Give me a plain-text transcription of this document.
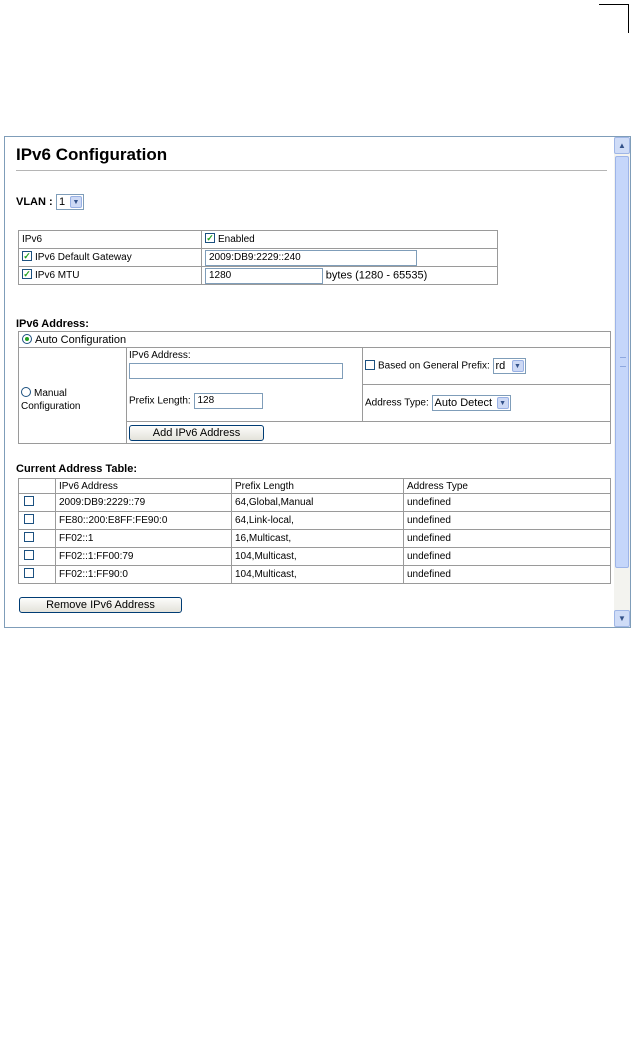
IPv6 Configuration
VLAN : 1	▼
IPv6	✓ Enabled
✓ IPv6 Default Gateway	2009:DB9:2229::240
✓ IPv6 MTU	1280 bytes (1280 - 65535)
IPv6 Address:
Auto Configuration

Manual
Configuration

IPv6 Address:
Prefix Length: 128
	Based on General Prefix: rd	▼

Address Type: Auto Detect	▼

Add IPv6 Address
Current Address Table:
	IPv6 Address	Prefix Length	Address Type
	2009:DB9:2229::79	64,Global,Manual	undefined
	FE80::200:E8FF:FE90:0	64,Link-local,	undefined
	FF02::1	16,Multicast,	undefined
	FF02::1:FF00:79	104,Multicast,	undefined
	FF02::1:FF90:0	104,Multicast,	undefined
Remove IPv6 Address
▲
▼
